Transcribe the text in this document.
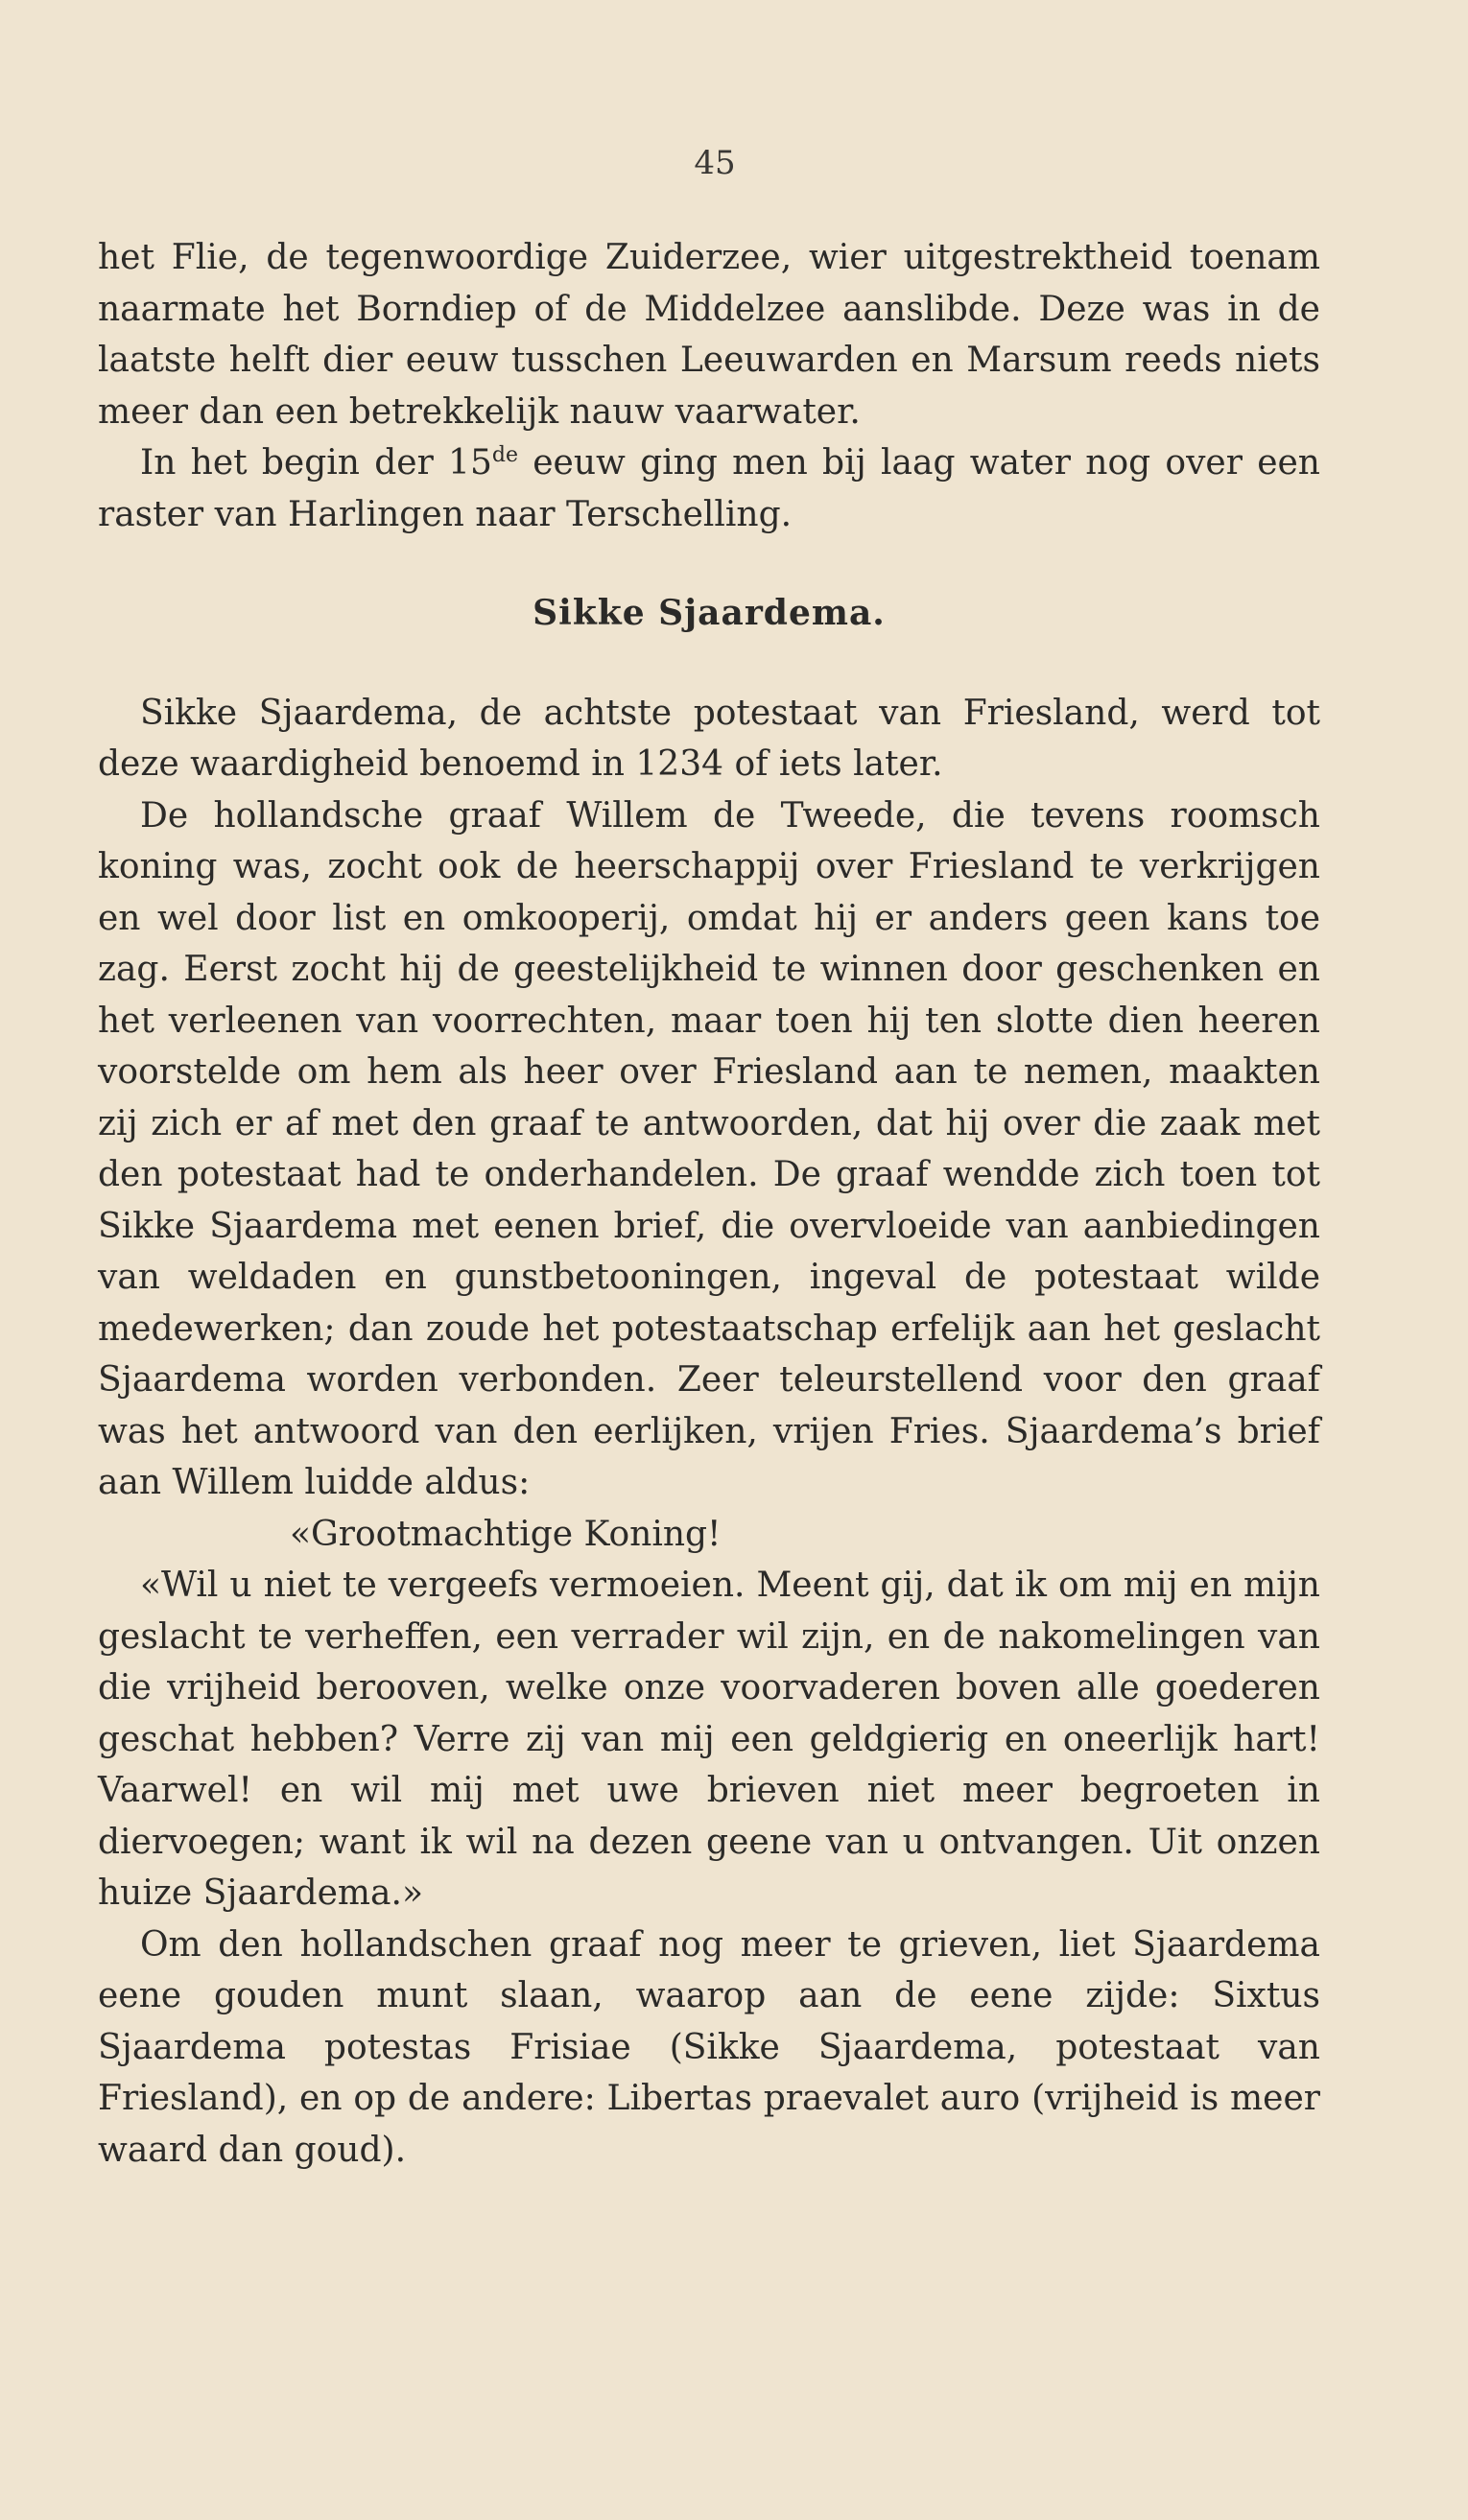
45

het Flie, de tegenwoordige Zuiderzee, wier uitgestrektheid toenam naarmate het Borndiep of de Middelzee aanslibde. Deze was in de laatste helft dier eeuw tusschen Leeuwarden en Marsum reeds niets meer dan een betrekkelijk nauw vaarwater.

In het begin der 15de eeuw ging men bij laag water nog over een raster van Harlingen naar Terschelling.

Sikke Sjaardema.

Sikke Sjaardema, de achtste potestaat van Friesland, werd tot deze waardigheid benoemd in 1234 of iets later.

De hollandsche graaf Willem de Tweede, die tevens roomsch koning was, zocht ook de heerschappij over Friesland te verkrijgen en wel door list en omkooperij, omdat hij er anders geen kans toe zag. Eerst zocht hij de geestelijkheid te winnen door geschenken en het verleenen van voorrechten, maar toen hij ten slotte dien heeren voorstelde om hem als heer over Friesland aan te nemen, maakten zij zich er af met den graaf te antwoorden, dat hij over die zaak met den potestaat had te onderhandelen. De graaf wendde zich toen tot Sikke Sjaardema met eenen brief, die overvloeide van aanbiedingen van weldaden en gunstbetooningen, ingeval de potestaat wilde medewerken; dan zoude het potestaatschap erfelijk aan het geslacht Sjaardema worden verbonden. Zeer teleurstellend voor den graaf was het antwoord van den eerlijken, vrijen Fries. Sjaardema’s brief aan Willem luidde aldus:

«Grootmachtige Koning!

«Wil u niet te vergeefs vermoeien. Meent gij, dat ik om mij en mijn geslacht te verheffen, een verrader wil zijn, en de nakomelingen van die vrijheid berooven, welke onze voorvaderen boven alle goederen geschat hebben? Verre zij van mij een geldgierig en oneerlijk hart! Vaarwel! en wil mij met uwe brieven niet meer begroeten in diervoegen; want ik wil na dezen geene van u ontvangen. Uit onzen huize Sjaardema.»

Om den hollandschen graaf nog meer te grieven, liet Sjaardema eene gouden munt slaan, waarop aan de eene zijde: Sixtus Sjaardema potestas Frisiae (Sikke Sjaardema, potestaat van Friesland), en op de andere: Libertas praevalet auro (vrijheid is meer waard dan goud).
